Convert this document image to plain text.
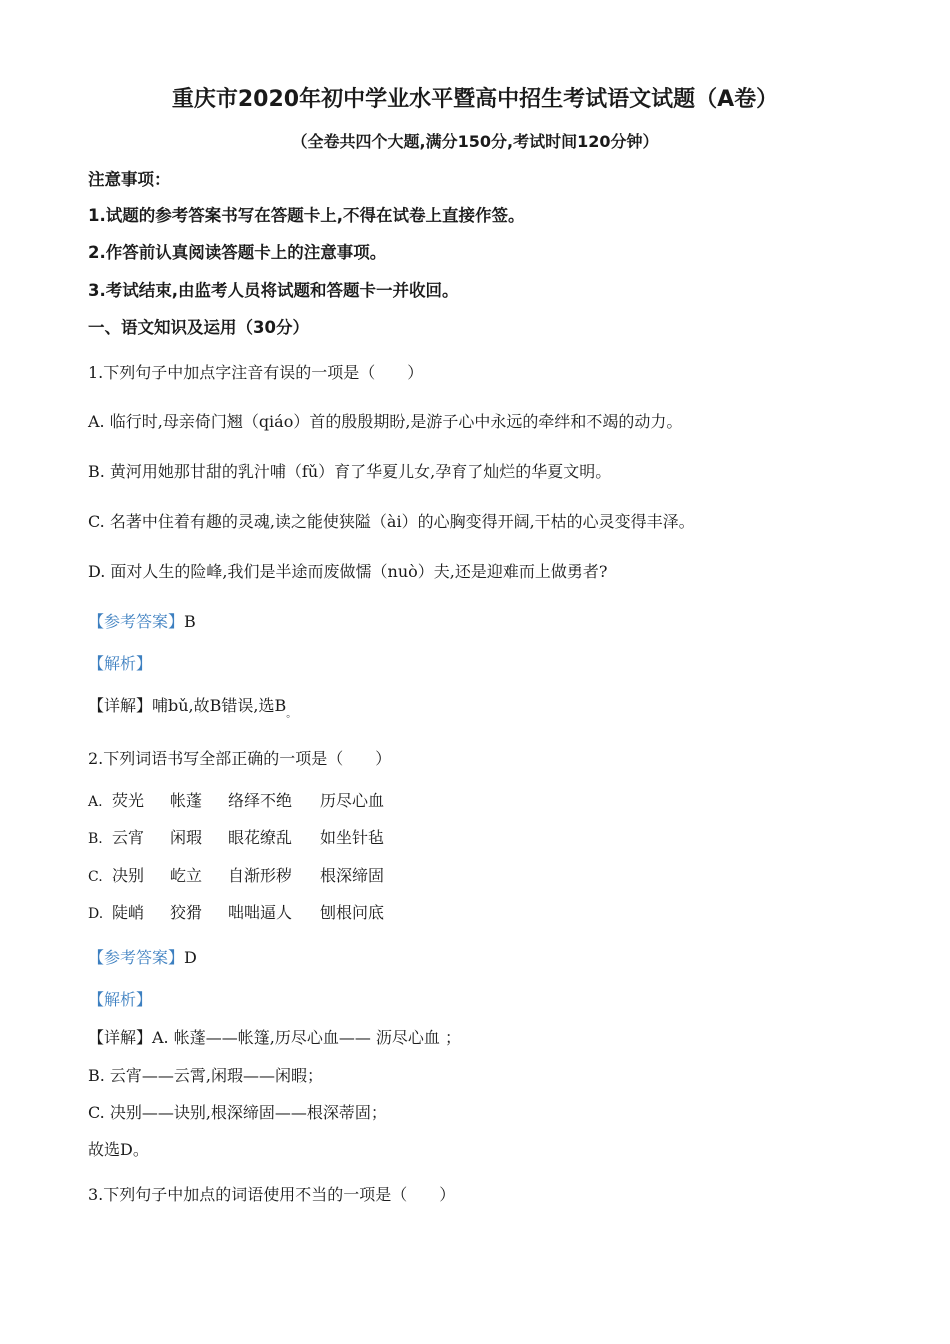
重庆市2020年初中学业水平暨高中招生考试语文试题（A卷）
（全卷共四个大题,满分150分,考试时间120分钟）
注意事项：
1.试题的参考答案书写在答题卡上,不得在试卷上直接作签。
2.作答前认真阅读答题卡上的注意事项。
3.考试结束,由监考人员将试题和答题卡一并收回。
一、语文知识及运用（30分）
1.下列句子中加点字注音有误的一项是（　　）
A. 临行时,母亲倚门翘（qiáo）首的殷殷期盼,是游子心中永远的牵绊和不竭的动力。
B. 黄河用她那甘甜的乳汁哺（fǔ）育了华夏儿女,孕育了灿烂的华夏文明。
C. 名著中住着有趣的灵魂,读之能使狭隘（ài）的心胸变得开阔,干枯的心灵变得丰泽。
D. 面对人生的险峰,我们是半途而废做懦（nuò）夫,还是迎难而上做勇者?
【参考答案】B
【解析】
【详解】哺bǔ,故B错误,选$B_。$
2.下列词语书写全部正确的一项是（　　）
A. 荧光 帐蓬 络绎不绝 历尽心血
B. 云宵 闲瑕 眼花缭乱 如坐针毡
C. 决别 屹立 自渐形秽 根深缔固
D. 陡峭 狡猾 咄咄逼人 刨根问底
【参考答案】D
【解析】
【详解】A. 帐蓬——帐篷,历尽心血—— 沥尽心血 ；
B. 云宵——云霄,闲瑕——闲暇；
C. 决别——诀别,根深缔固——根深蒂固；
故选D。
3.下列句子中加点的词语使用不当的一项是（　　）
